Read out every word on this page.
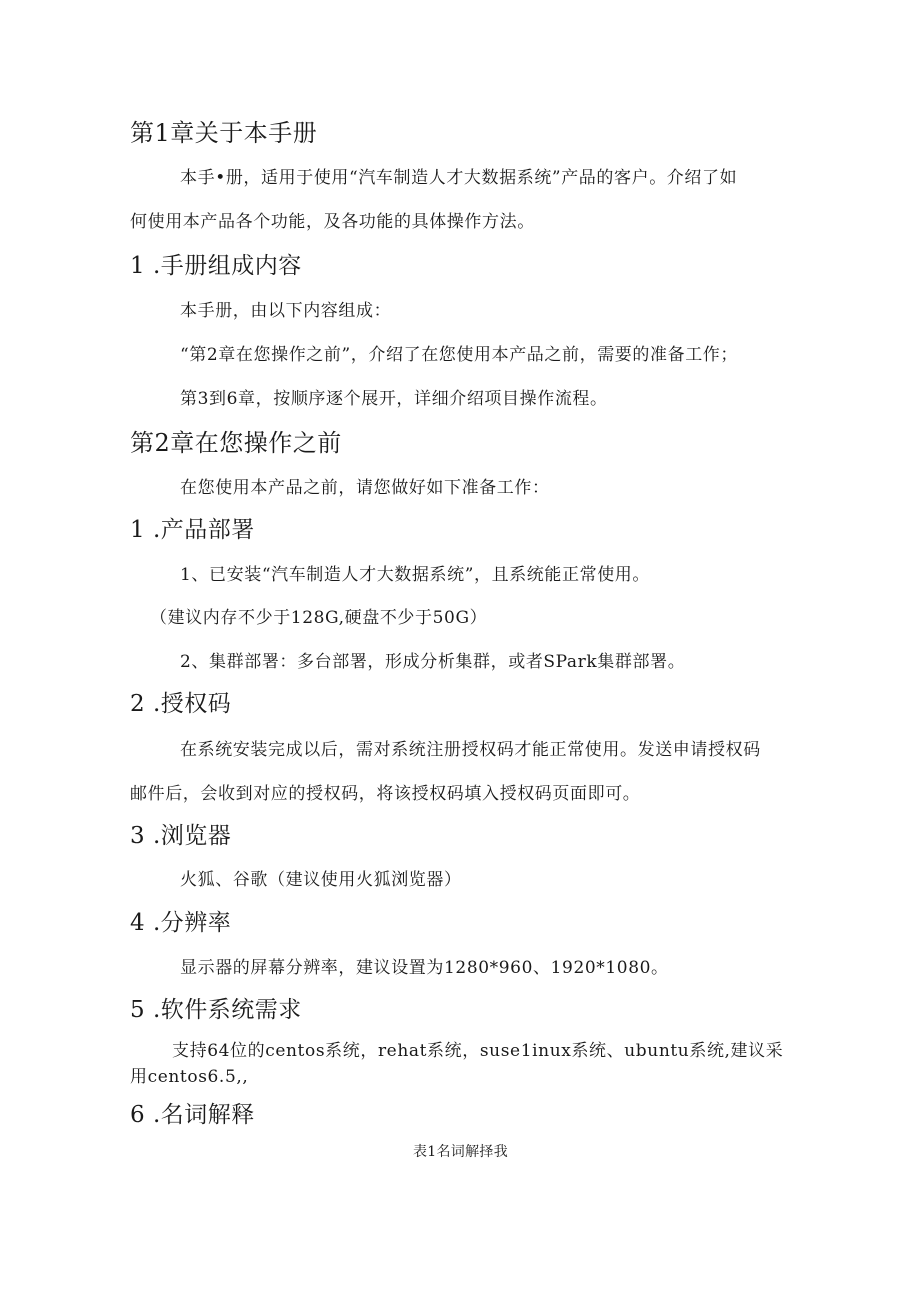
第1章关于本手册
本手•册，适用于使用“汽车制造人才大数据系统”产品的客户。介绍了如
何使用本产品各个功能，及各功能的具体操作方法。
1 .手册组成内容
本手册，由以下内容组成：
“第2章在您操作之前”，介绍了在您使用本产品之前，需要的准备工作；
第3到6章，按顺序逐个展开，详细介绍项目操作流程。
第2章在您操作之前
在您使用本产品之前，请您做好如下准备工作：
1 .产品部署
1、已安装“汽车制造人才大数据系统”，且系统能正常使用。
（建议内存不少于128G,硬盘不少于50G）
2、集群部署：多台部署，形成分析集群，或者SPark集群部署。
2 .授权码
在系统安装完成以后，需对系统注册授权码才能正常使用。发送申请授权码
邮件后，会收到对应的授权码，将该授权码填入授权码页面即可。
3 .浏览器
火狐、谷歌（建议使用火狐浏览器）
4 .分辨率
显示器的屏幕分辨率，建议设置为1280*960、1920*1080。
5 .软件系统需求
支持64位的centos系统，rehat系统，suse1inux系统、ubuntu系统,建议采
用centos6.5,,
6 .名词解释
表1名词解择我
